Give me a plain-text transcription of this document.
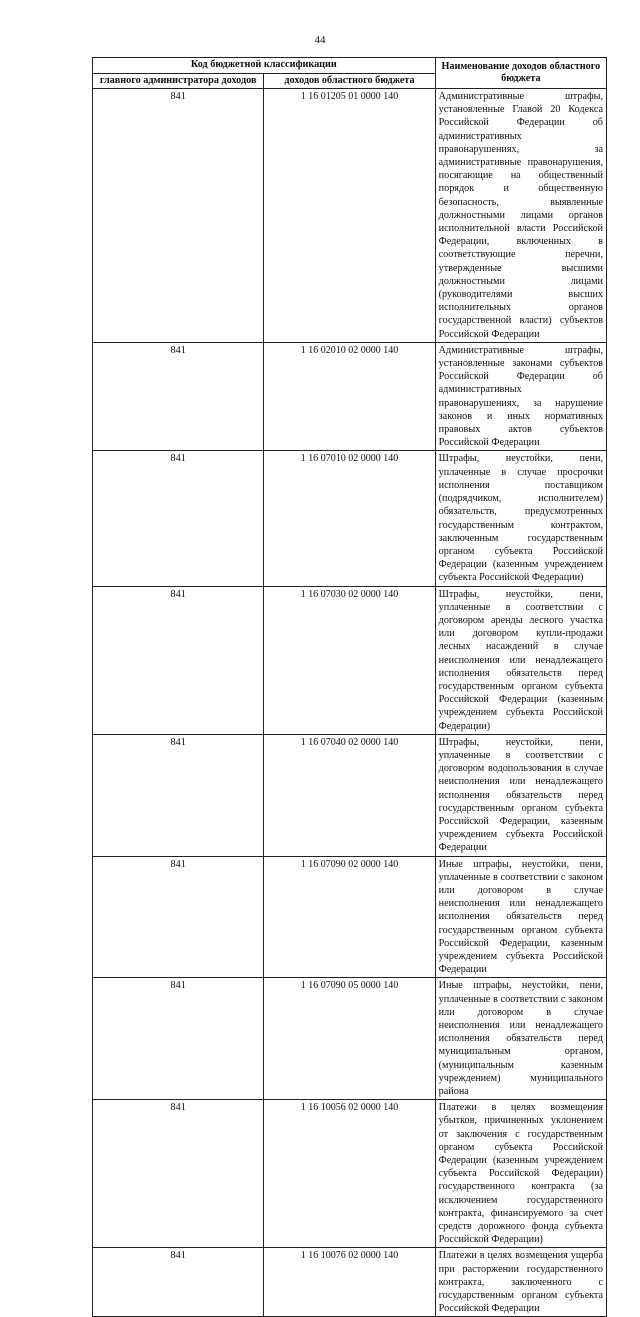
44
Код бюджетной классификации		Наименование доходов областного бюджета
главного администратора доходов	доходов областного бюджета	
841	1 16 01205 01 0000 140	Административные штрафы, установленные Главой 20 Кодекса Российской Федерации об административных правонарушениях, за административные правонарушения, посягающие на общественный порядок и общественную безопасность, выявленные должностными лицами органов исполнительной власти Российской Федерации, включенных в соответствующие перечни, утвержденные высшими должностными лицами (руководителями высших исполнительных органов государственной власти) субъектов Российской Федерации
841	1 16 02010 02 0000 140	Административные штрафы, установленные законами субъектов Российской Федерации об административных правонарушениях, за нарушение законов и иных нормативных правовых актов субъектов Российской Федерации
841	1 16 07010 02 0000 140	Штрафы, неустойки, пени, уплаченные в случае просрочки исполнения поставщиком (подрядчиком, исполнителем) обязательств, предусмотренных государственным контрактом, заключенным государственным органом субъекта Российской Федерации (казенным учреждением субъекта Российской Федерации)
841	1 16 07030 02 0000 140	Штрафы, неустойки, пени, уплаченные в соответствии с договором аренды лесного участка или договором купли-продажи лесных насаждений в случае неисполнения или ненадлежащего исполнения обязательств перед государственным органом субъекта Российской Федерации (казенным учреждением субъекта Российской Федерации)
841	1 16 07040 02 0000 140	Штрафы, неустойки, пени, уплаченные в соответствии с договором водопользования в случае неисполнения или ненадлежащего исполнения обязательств перед государственным органом субъекта Российской Федерации, казенным учреждением субъекта Российской Федерации
841	1 16 07090 02 0000 140	Иные штрафы, неустойки, пени, уплаченные в соответствии с законом или договором в случае неисполнения или ненадлежащего исполнения обязательств перед государственным органом субъекта Российской Федерации, казенным учреждением субъекта Российской Федерации
841	1 16 07090 05 0000 140	Иные штрафы, неустойки, пени, уплаченные в соответствии с законом или договором в случае неисполнения или ненадлежащего исполнения обязательств перед муниципальным органом, (муниципальным казенным учреждением) муниципального района
841	1 16 10056 02 0000 140	Платежи в целях возмещения убытков, причиненных уклонением от заключения с государственным органом субъекта Российской Федерации (казенным учреждением субъекта Российской Федерации) государственного контракта (за исключением государственного контракта, финансируемого за счет средств дорожного фонда субъекта Российской Федерации)
841	1 16 10076 02 0000 140	Платежи в целях возмещения ущерба при расторжении государственного контракта, заключенного с государственным органом субъекта Российской Федерации
